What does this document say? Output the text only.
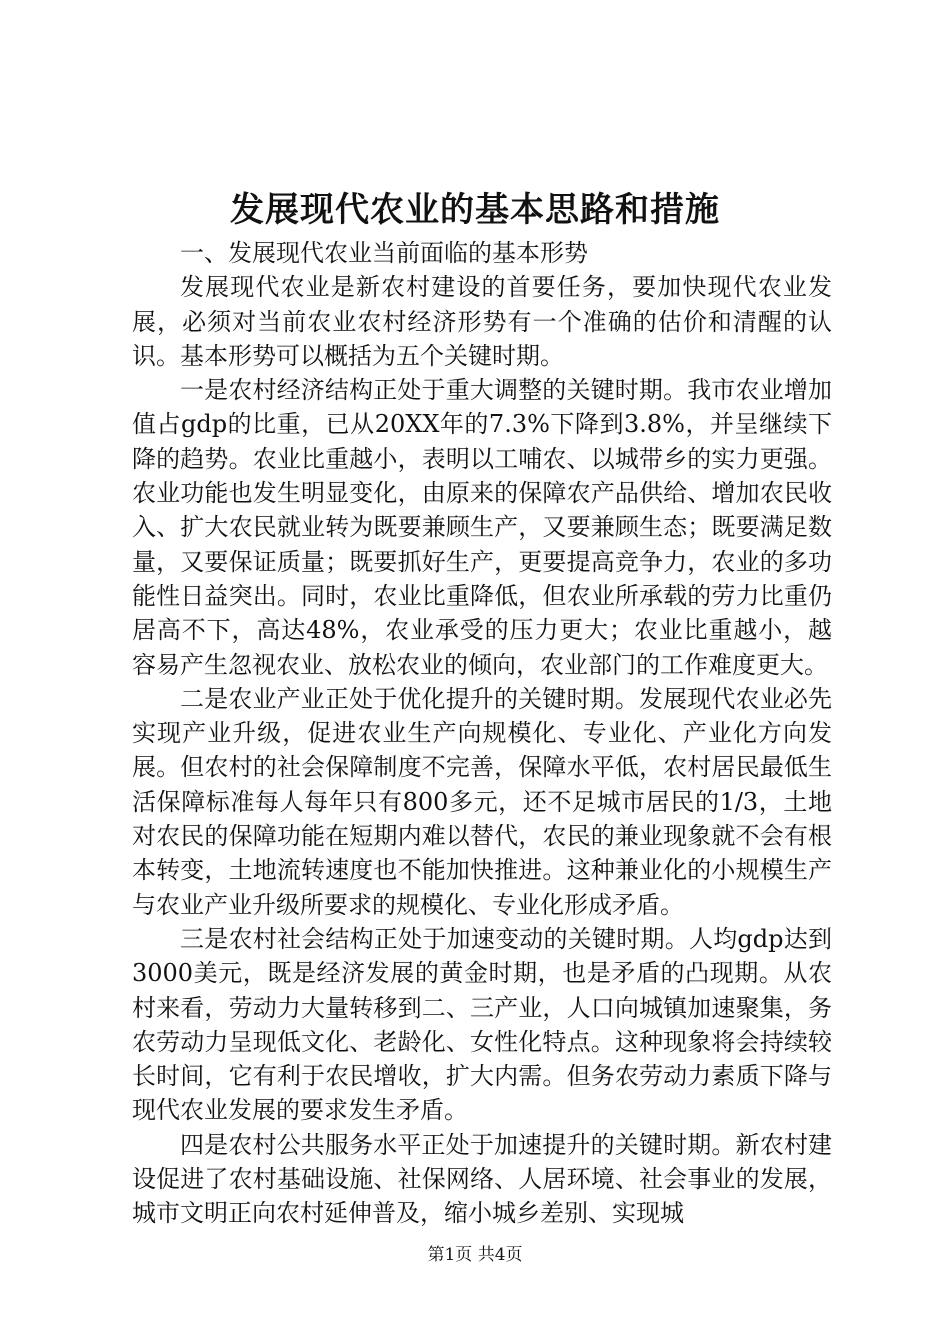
发展现代农业的基本思路和措施

一、发展现代农业当前面临的基本形势

发展现代农业是新农村建设的首要任务，要加快现代农业发展，必须对当前农业农村经济形势有一个准确的估价和清醒的认识。基本形势可以概括为五个关键时期。

一是农村经济结构正处于重大调整的关键时期。我市农业增加值占gdp的比重，已从20XX年的7.3%下降到3.8%，并呈继续下降的趋势。农业比重越小，表明以工哺农、以城带乡的实力更强。农业功能也发生明显变化，由原来的保障农产品供给、增加农民收入、扩大农民就业转为既要兼顾生产，又要兼顾生态；既要满足数量，又要保证质量；既要抓好生产，更要提高竞争力，农业的多功能性日益突出。同时，农业比重降低，但农业所承载的劳力比重仍居高不下，高达48%，农业承受的压力更大；农业比重越小，越容易产生忽视农业、放松农业的倾向，农业部门的工作难度更大。

二是农业产业正处于优化提升的关键时期。发展现代农业必先实现产业升级，促进农业生产向规模化、专业化、产业化方向发展。但农村的社会保障制度不完善，保障水平低，农村居民最低生活保障标准每人每年只有800多元，还不足城市居民的1/3，土地对农民的保障功能在短期内难以替代，农民的兼业现象就不会有根本转变，土地流转速度也不能加快推进。这种兼业化的小规模生产与农业产业升级所要求的规模化、专业化形成矛盾。

三是农村社会结构正处于加速变动的关键时期。人均gdp达到3000美元，既是经济发展的黄金时期，也是矛盾的凸现期。从农村来看，劳动力大量转移到二、三产业，人口向城镇加速聚集，务农劳动力呈现低文化、老龄化、女性化特点。这种现象将会持续较长时间，它有利于农民增收，扩大内需。但务农劳动力素质下降与现代农业发展的要求发生矛盾。

四是农村公共服务水平正处于加速提升的关键时期。新农村建设促进了农村基础设施、社保网络、人居环境、社会事业的发展，城市文明正向农村延伸普及，缩小城乡差别、实现城

第1页 共4页
